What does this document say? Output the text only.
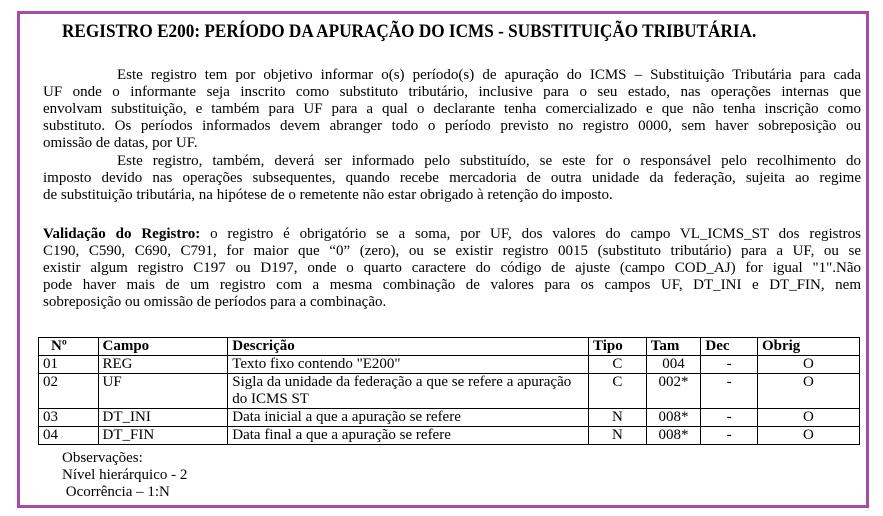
REGISTRO E200: PERÍODO DA APURAÇÃO DO ICMS - SUBSTITUIÇÃO TRIBUTÁRIA.
Este registro tem por objetivo informar o(s) período(s) de apuração do ICMS – Substituição Tributária para cada
UF onde o informante seja inscrito como substituto tributário, inclusive para o seu estado, nas operações internas que
envolvam substituição, e também para UF para a qual o declarante tenha comercializado e que não tenha inscrição como
substituto. Os períodos informados devem abranger todo o período previsto no registro 0000, sem haver sobreposição ou
omissão de datas, por UF.
Este registro, também, deverá ser informado pelo substituído, se este for o responsável pelo recolhimento do
imposto devido nas operações subsequentes, quando recebe mercadoria de outra unidade da federação, sujeita ao regime
de substituição tributária, na hipótese de o remetente não estar obrigado à retenção do imposto.
Validação do Registro: o registro é obrigatório se a soma, por UF, dos valores do campo VL_ICMS_ST dos registros
C190, C590, C690, C791, for maior que “0” (zero), ou se existir registro 0015 (substituto tributário) para a UF, ou se
existir algum registro C197 ou D197, onde o quarto caractere do código de ajuste (campo COD_AJ) for igual "1".Não
pode haver mais de um registro com a mesma combinação de valores para os campos UF, DT_INI e DT_FIN, nem
sobreposição ou omissão de períodos para a combinação.
Nº	Campo	Descrição	Tipo	Tam	Dec	Obrig
01	REG	Texto fixo contendo "E200"	C	004	-	O
02	UF	Sigla da unidade da federação a que se refere a apuração do ICMS ST	C	002*	-	O
03	DT_INI	Data inicial a que a apuração se refere	N	008*	-	O
04	DT_FIN	Data final a que a apuração se refere	N	008*	-	O
Observações:
Nível hierárquico - 2
Ocorrência – 1:N
